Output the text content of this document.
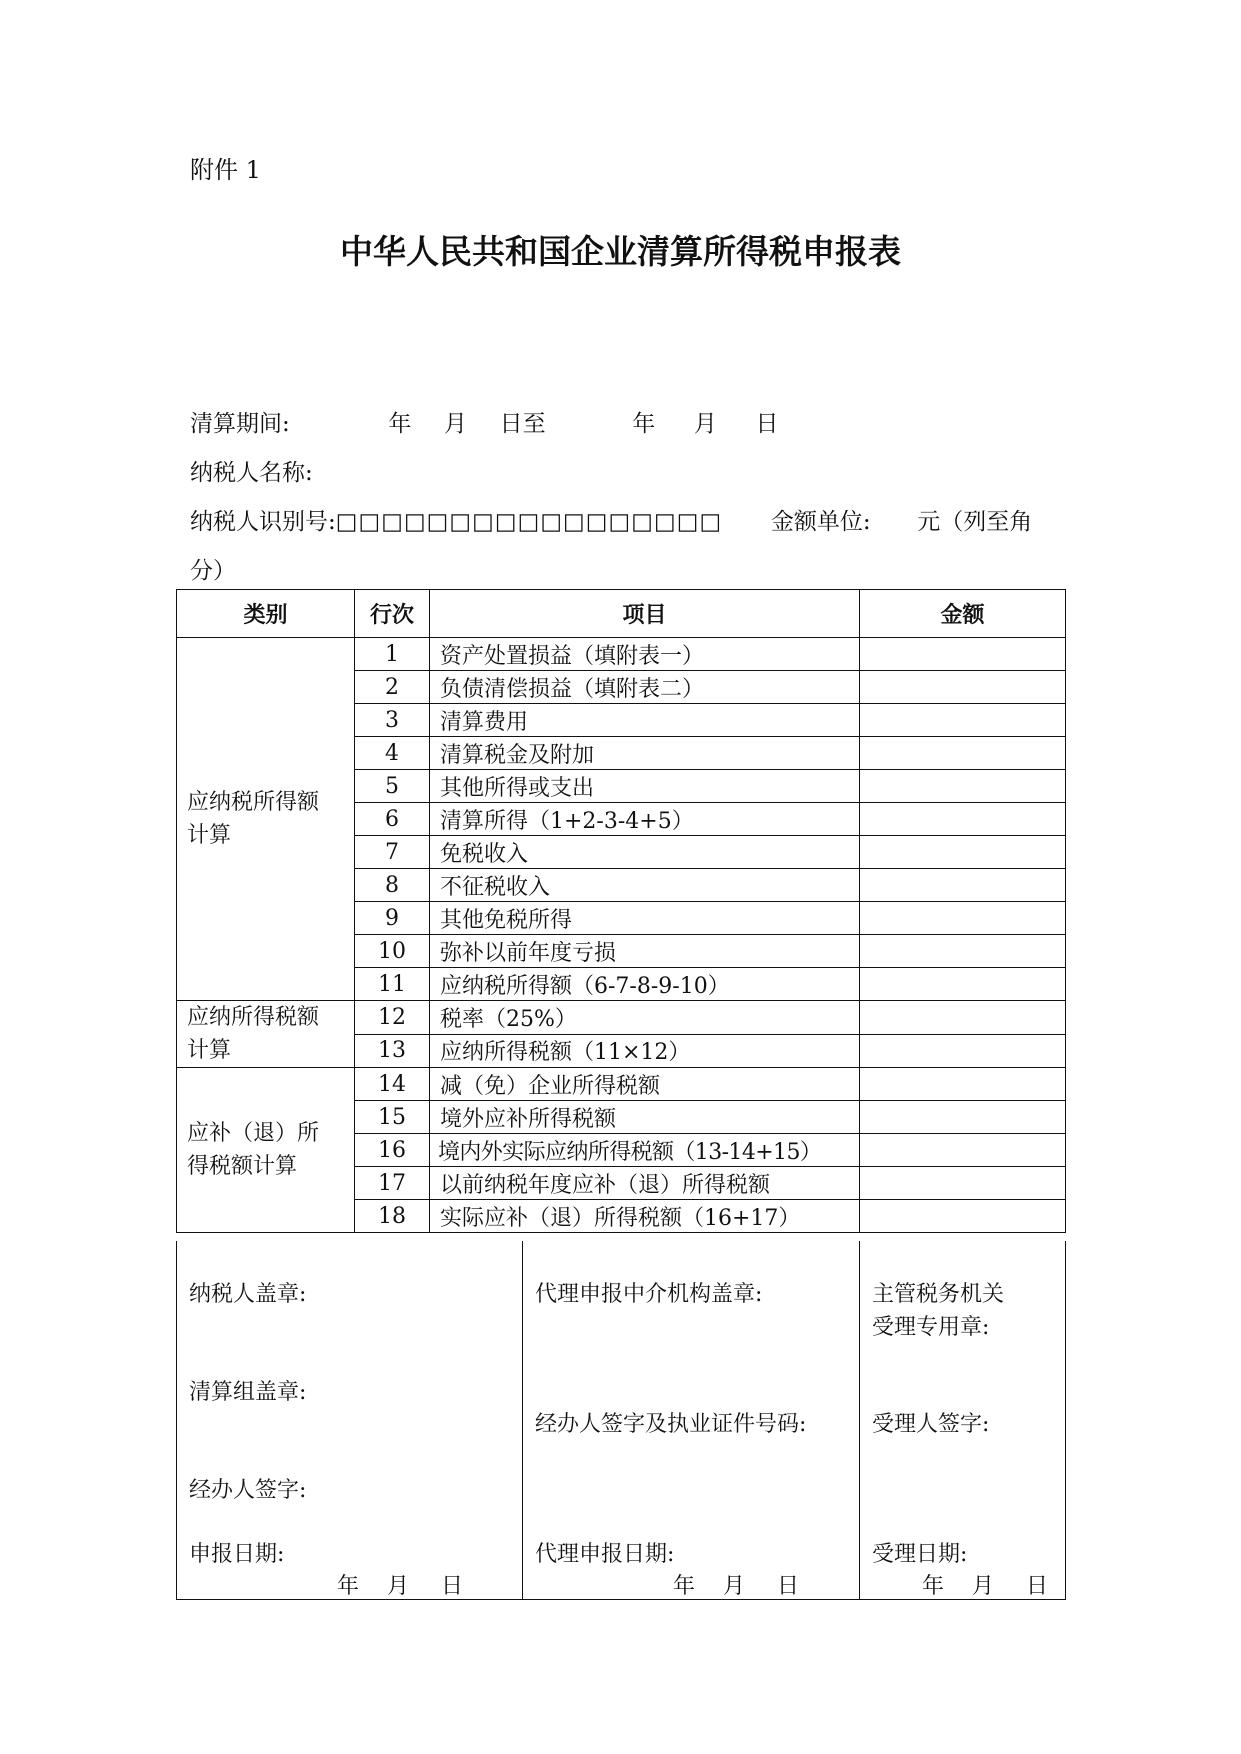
附件 1
中华人民共和国企业清算所得税申报表
清算期间:	年 月 日至	年 月 日
纳税人名称:
纳税人识别号:□□□□□□□□□□□□□□□□□ 金额单位: 元（列至角
分）
类别	行次	项目	金额

应纳税所得额
计算	1	资产处置损益（填附表一）	
	2	负债清偿损益（填附表二）	
	3	清算费用	
	4	清算税金及附加	
	5	其他所得或支出	
	6	清算所得（1+2-3-4+5）	
	7	免税收入	
	8	不征税收入	
	9	其他免税所得	
	10	弥补以前年度亏损	
	11	应纳税所得额（6-7-8-9-10）	

应纳所得税额
计算	12	税率（25%）	
	13	应纳所得税额（11×12）	

应补（退）所
得税额计算	14	减（免）企业所得税额	
	15	境外应补所得税额	
	16	境内外实际应纳所得税额（13-14+15）	
	17	以前纳税年度应补（退）所得税额	
	18	实际应补（退）所得税额（16+17）	
纳税人盖章:
清算组盖章:
经办人签字:
申报日期:
年 月 日

代理申报中介机构盖章:
经办人签字及执业证件号码:
代理申报日期:
年 月 日

主管税务机关
受理专用章:
受理人签字:
受理日期:
年 月 日
